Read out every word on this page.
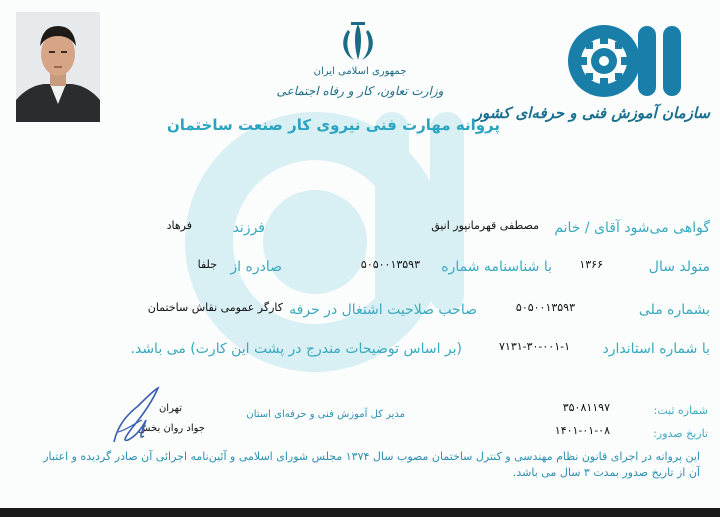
جمهوری اسلامی ایران
وزارت تعاون، کار و رفاه اجتماعی
سازمان آموزش فنی و حرفه‌ای کشور
پروانه مهارت فنی نیروی کار صنعت ساختمان
گواهی می‌شود آقای / خانم
مصطفی قهرمانپور انیق
فرزند
فرهاد
متولد سال
۱۳۶۶
با شناسنامه شماره
۵۰۵۰۰۱۳۵۹۳
صادره از
جلفا
بشماره ملی
۵۰۵۰۰۱۳۵۹۳
صاحب صلاحیت اشتغال در حرفه
کارگر عمومی نقاش ساختمان
با شماره استاندارد
۷۱۳۱-۳۰-۰۰۱-۱
(بر اساس توضیحات مندرج در پشت این کارت) می باشد.
شماره ثبت:
۳۵۰۸۱۱۹۷
تاریخ صدور:
۱۴۰۱-۰۱-۰۸
تهران
مدیر کل آموزش فنی و حرفه‌ای استان
جواد روان بخش
این پروانه در اجرای قانون نظام مهندسی و کنترل ساختمان مصوب سال ۱۳۷۴ مجلس شورای اسلامی و آئین‌نامه اجرائی آن صادر گردیده و اعتبار آن از تاریخ صدور بمدت ۳ سال می باشد.
